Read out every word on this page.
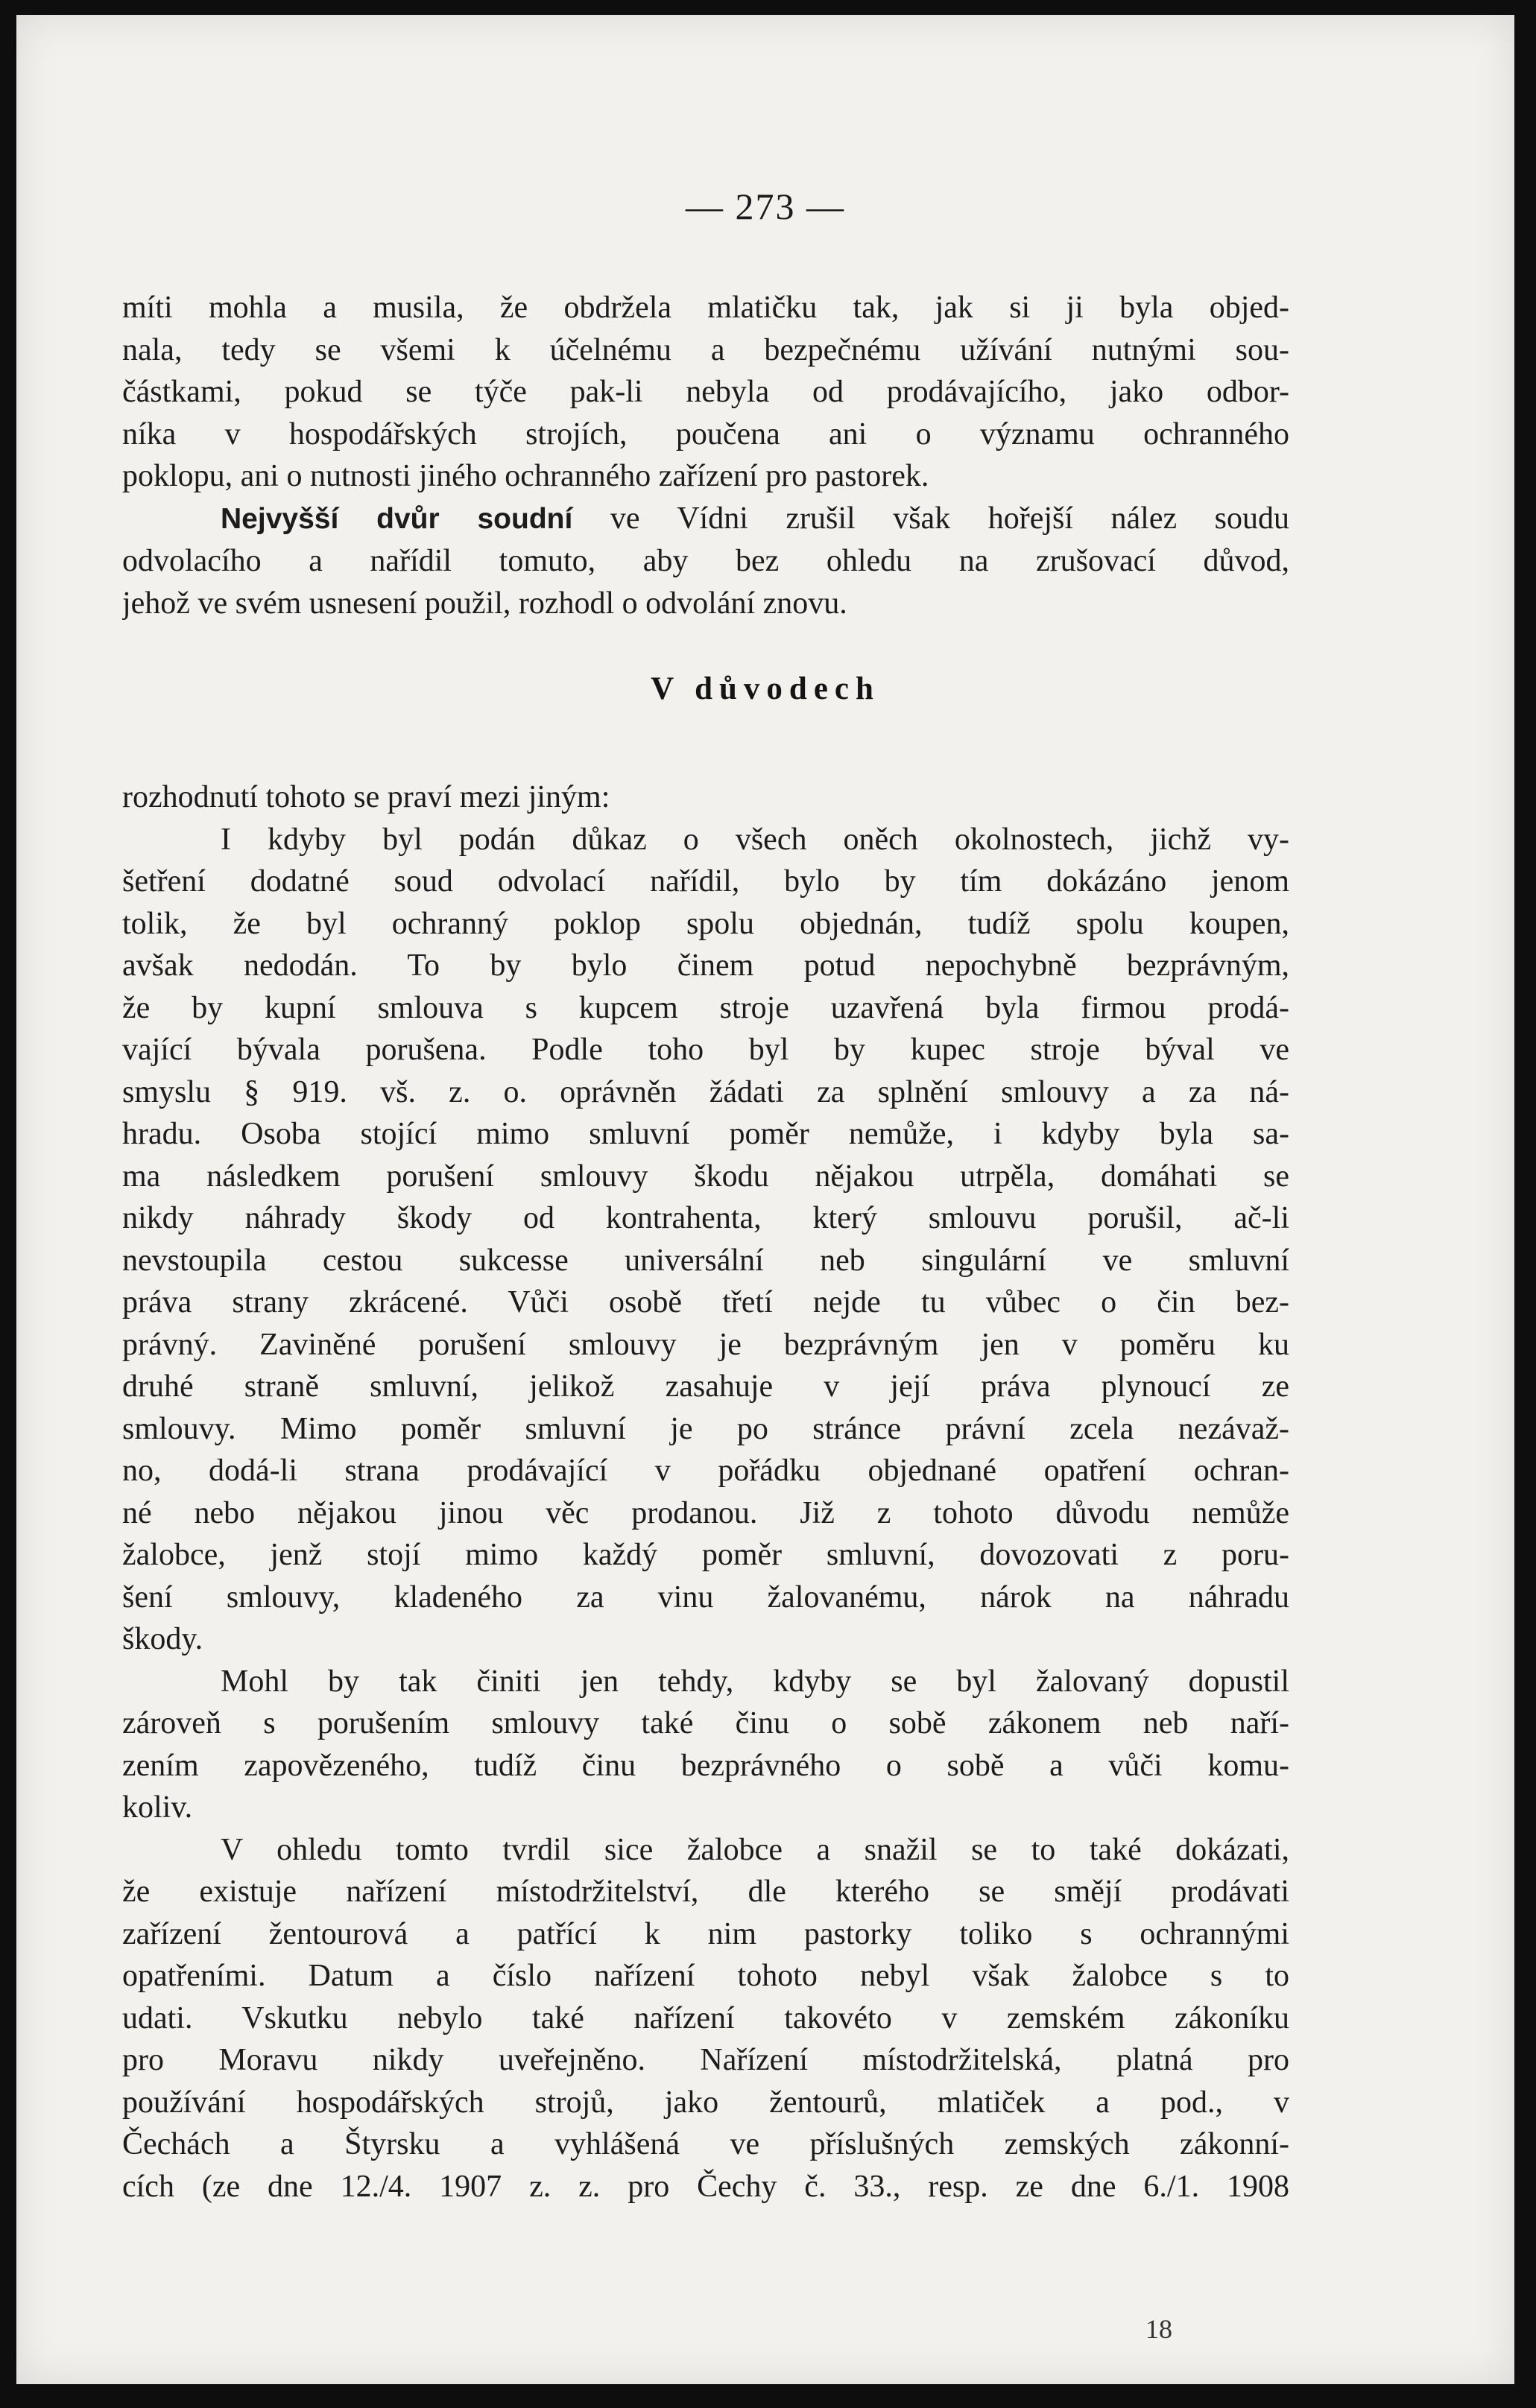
— 273 —
míti mohla a musila, že obdržela mlatičku tak, jak si ji byla objed-
nala, tedy se všemi k účelnému a bezpečnému užívání nutnými sou-
částkami, pokud se týče pak-li nebyla od prodávajícího, jako odbor-
níka v hospodářských strojích, poučena ani o významu ochranného
poklopu, ani o nutnosti jiného ochranného zařízení pro pastorek.
Nejvyšší dvůr soudní ve Vídni zrušil však hořejší nález soudu
odvolacího a nařídil tomuto, aby bez ohledu na zrušovací důvod,
jehož ve svém usnesení použil, rozhodl o odvolání znovu.
V důvodech
rozhodnutí tohoto se praví mezi jiným:
I kdyby byl podán důkaz o všech oněch okolnostech, jichž vy-
šetření dodatné soud odvolací nařídil, bylo by tím dokázáno jenom
tolik, že byl ochranný poklop spolu objednán, tudíž spolu koupen,
avšak nedodán. To by bylo činem potud nepochybně bezprávným,
že by kupní smlouva s kupcem stroje uzavřená byla firmou prodá-
vající bývala porušena. Podle toho byl by kupec stroje býval ve
smyslu § 919. vš. z. o. oprávněn žádati za splnění smlouvy a za ná-
hradu. Osoba stojící mimo smluvní poměr nemůže, i kdyby byla sa-
ma následkem porušení smlouvy škodu nějakou utrpěla, domáhati se
nikdy náhrady škody od kontrahenta, který smlouvu porušil, ač-li
nevstoupila cestou sukcesse universální neb singulární ve smluvní
práva strany zkrácené. Vůči osobě třetí nejde tu vůbec o čin bez-
právný. Zaviněné porušení smlouvy je bezprávným jen v poměru ku
druhé straně smluvní, jelikož zasahuje v její práva plynoucí ze
smlouvy. Mimo poměr smluvní je po stránce právní zcela nezávaž-
no, dodá-li strana prodávající v pořádku objednané opatření ochran-
né nebo nějakou jinou věc prodanou. Již z tohoto důvodu nemůže
žalobce, jenž stojí mimo každý poměr smluvní, dovozovati z poru-
šení smlouvy, kladeného za vinu žalovanému, nárok na náhradu
škody.
Mohl by tak činiti jen tehdy, kdyby se byl žalovaný dopustil
zároveň s porušením smlouvy také činu o sobě zákonem neb naří-
zením zapovězeného, tudíž činu bezprávného o sobě a vůči komu-
koliv.
V ohledu tomto tvrdil sice žalobce a snažil se to také dokázati,
že existuje nařízení místodržitelství, dle kterého se smějí prodávati
zařízení žentourová a patřící k nim pastorky toliko s ochrannými
opatřeními. Datum a číslo nařízení tohoto nebyl však žalobce s to
udati. Vskutku nebylo také nařízení takovéto v zemském zákoníku
pro Moravu nikdy uveřejněno. Nařízení místodržitelská, platná pro
používání hospodářských strojů, jako žentourů, mlatiček a pod., v
Čechách a Štyrsku a vyhlášená ve příslušných zemských zákonní-
cích (ze dne 12./4. 1907 z. z. pro Čechy č. 33., resp. ze dne 6./1. 1908
18
